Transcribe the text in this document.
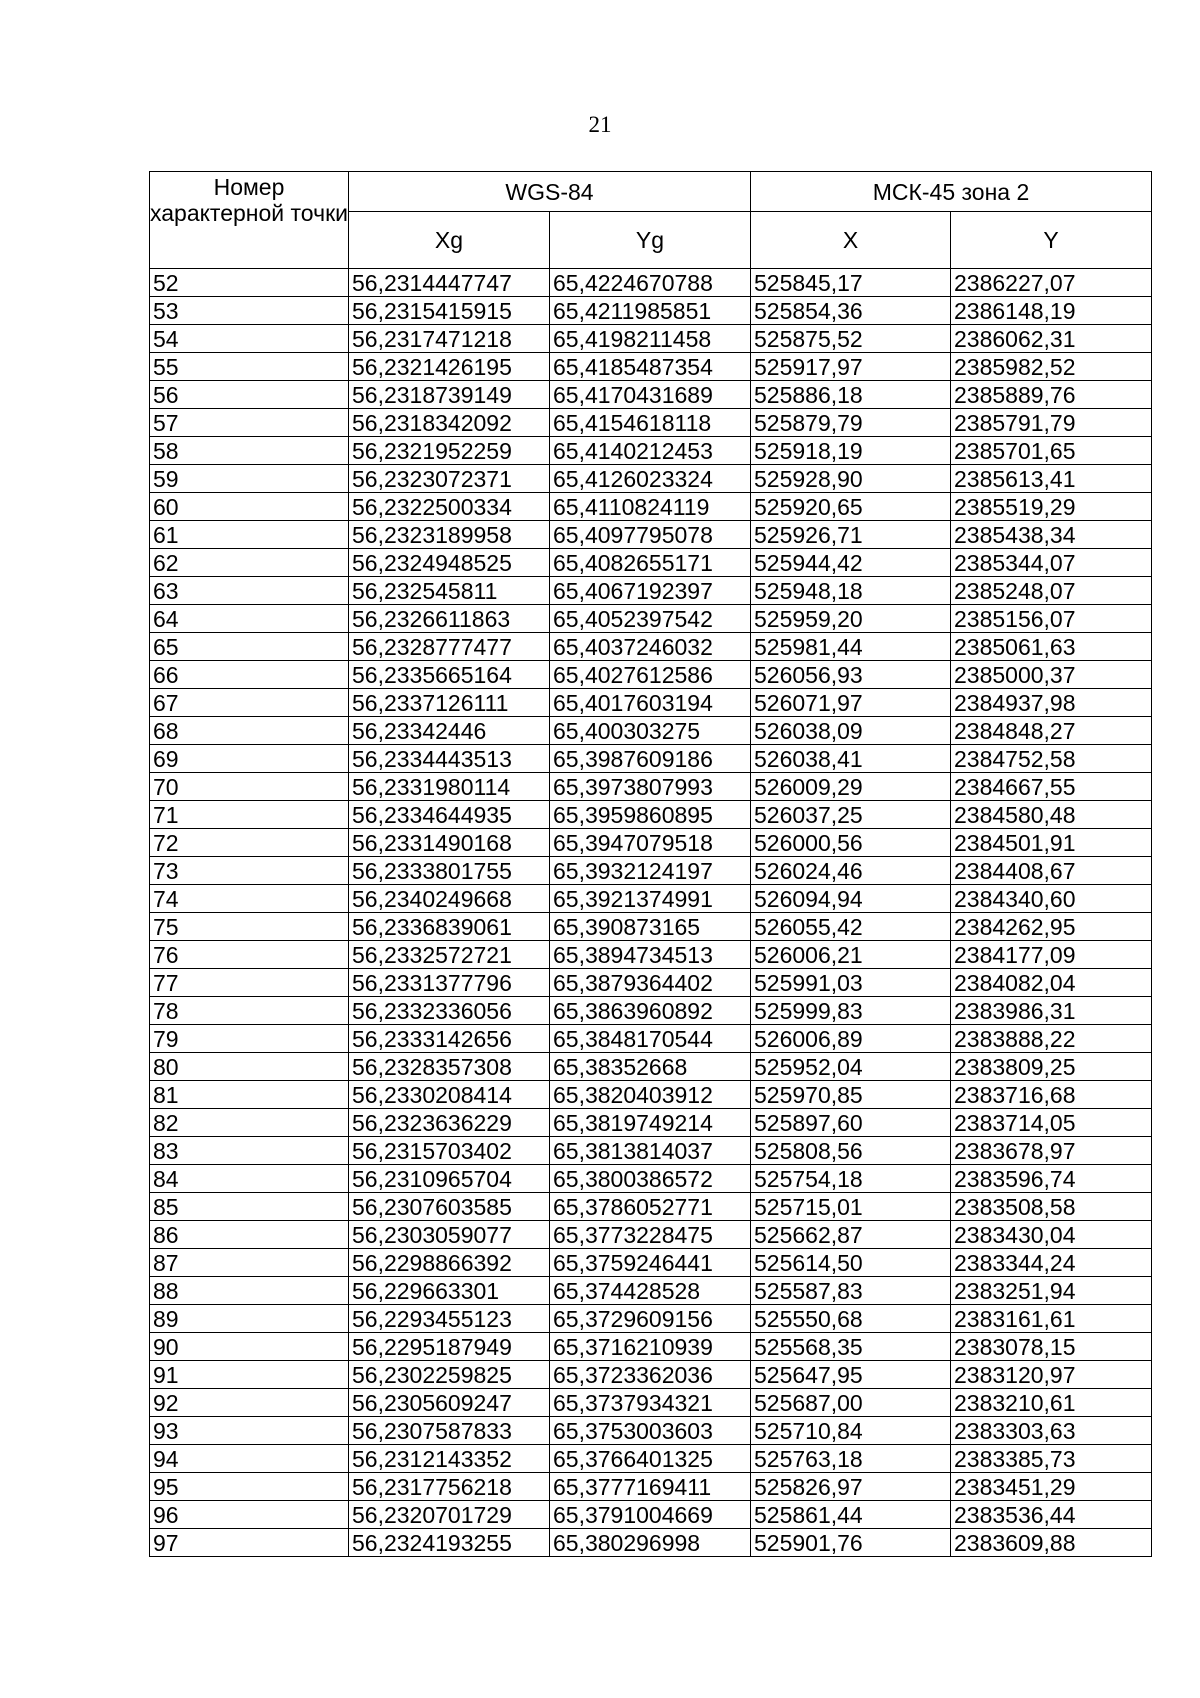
21
Номер характерной точки	WGS-84		МСК-45 зона 2	
	Xg	Yg	X	Y
52	56,2314447747	65,4224670788	525845,17	2386227,07
53	56,2315415915	65,4211985851	525854,36	2386148,19
54	56,2317471218	65,4198211458	525875,52	2386062,31
55	56,2321426195	65,4185487354	525917,97	2385982,52
56	56,2318739149	65,4170431689	525886,18	2385889,76
57	56,2318342092	65,4154618118	525879,79	2385791,79
58	56,2321952259	65,4140212453	525918,19	2385701,65
59	56,2323072371	65,4126023324	525928,90	2385613,41
60	56,2322500334	65,4110824119	525920,65	2385519,29
61	56,2323189958	65,4097795078	525926,71	2385438,34
62	56,2324948525	65,4082655171	525944,42	2385344,07
63	56,232545811	65,4067192397	525948,18	2385248,07
64	56,2326611863	65,4052397542	525959,20	2385156,07
65	56,2328777477	65,4037246032	525981,44	2385061,63
66	56,2335665164	65,4027612586	526056,93	2385000,37
67	56,2337126111	65,4017603194	526071,97	2384937,98
68	56,23342446	65,400303275	526038,09	2384848,27
69	56,2334443513	65,3987609186	526038,41	2384752,58
70	56,2331980114	65,3973807993	526009,29	2384667,55
71	56,2334644935	65,3959860895	526037,25	2384580,48
72	56,2331490168	65,3947079518	526000,56	2384501,91
73	56,2333801755	65,3932124197	526024,46	2384408,67
74	56,2340249668	65,3921374991	526094,94	2384340,60
75	56,2336839061	65,390873165	526055,42	2384262,95
76	56,2332572721	65,3894734513	526006,21	2384177,09
77	56,2331377796	65,3879364402	525991,03	2384082,04
78	56,2332336056	65,3863960892	525999,83	2383986,31
79	56,2333142656	65,3848170544	526006,89	2383888,22
80	56,2328357308	65,38352668	525952,04	2383809,25
81	56,2330208414	65,3820403912	525970,85	2383716,68
82	56,2323636229	65,3819749214	525897,60	2383714,05
83	56,2315703402	65,3813814037	525808,56	2383678,97
84	56,2310965704	65,3800386572	525754,18	2383596,74
85	56,2307603585	65,3786052771	525715,01	2383508,58
86	56,2303059077	65,3773228475	525662,87	2383430,04
87	56,2298866392	65,3759246441	525614,50	2383344,24
88	56,229663301	65,374428528	525587,83	2383251,94
89	56,2293455123	65,3729609156	525550,68	2383161,61
90	56,2295187949	65,3716210939	525568,35	2383078,15
91	56,2302259825	65,3723362036	525647,95	2383120,97
92	56,2305609247	65,3737934321	525687,00	2383210,61
93	56,2307587833	65,3753003603	525710,84	2383303,63
94	56,2312143352	65,3766401325	525763,18	2383385,73
95	56,2317756218	65,3777169411	525826,97	2383451,29
96	56,2320701729	65,3791004669	525861,44	2383536,44
97	56,2324193255	65,380296998	525901,76	2383609,88
